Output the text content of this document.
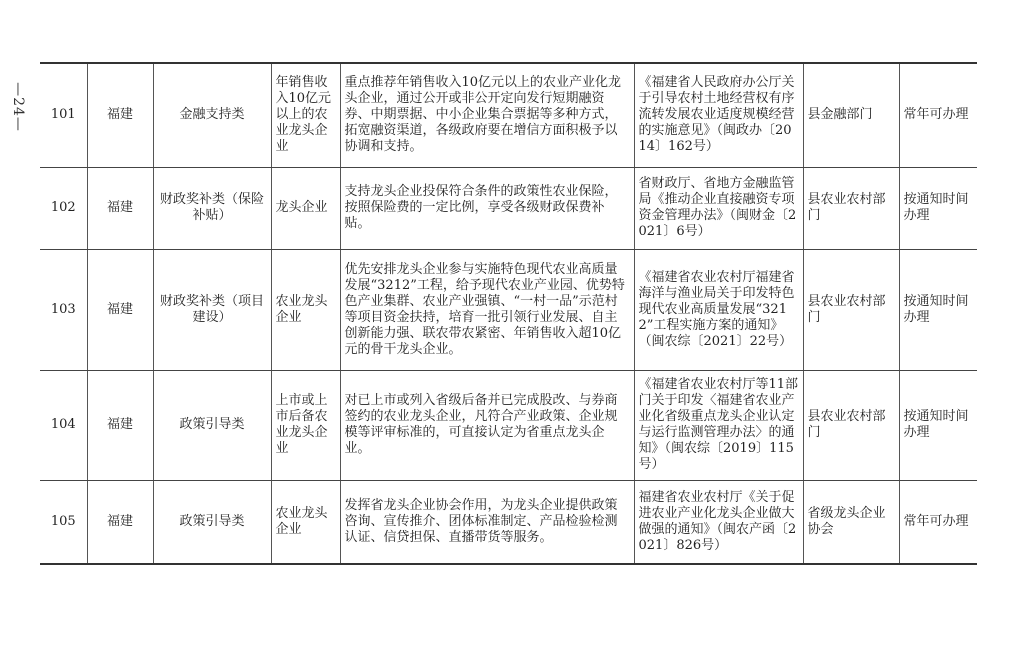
—24— 101	福建	金融支持类	年销售收入10亿元以上的农业龙头企业	重点推荐年销售收入10亿元以上的农业产业化龙头企业，通过公开或非公开定向发行短期融资券、中期票据、中小企业集合票据等多种方式，拓宽融资渠道，各级政府要在增信方面积极予以协调和支持。	《福建省人民政府办公厅关于引导农村土地经营权有序流转发展农业适度规模经营的实施意见》（闽政办〔2014〕162号）	县金融部门	常年可办理
102	福建	财政奖补类（保险补贴）	龙头企业	支持龙头企业投保符合条件的政策性农业保险，按照保险费的一定比例，享受各级财政保费补贴。	省财政厅、省地方金融监管局《推动企业直接融资专项资金管理办法》（闽财金〔2021〕6号）	县农业农村部门	按通知时间办理
103	福建	财政奖补类（项目建设）	农业龙头企业	优先安排龙头企业参与实施特色现代农业高质量发展“3212”工程，给予现代农业产业园、优势特色产业集群、农业产业强镇、“一村一品”示范村等项目资金扶持，培育一批引领行业发展、自主创新能力强、联农带农紧密、年销售收入超10亿元的骨干龙头企业。	《福建省农业农村厅福建省海洋与渔业局关于印发特色现代农业高质量发展“3212”工程实施方案的通知》（闽农综〔2021〕22号）	县农业农村部门	按通知时间办理
104	福建	政策引导类	上市或上市后备农业龙头企业	对已上市或列入省级后备并已完成股改、与券商签约的农业龙头企业，凡符合产业政策、企业规模等评审标准的，可直接认定为省重点龙头企业。	《福建省农业农村厅等11部门关于印发〈福建省农业产业化省级重点龙头企业认定与运行监测管理办法〉的通知》（闽农综〔2019〕115号）	县农业农村部门	按通知时间办理
105	福建	政策引导类	农业龙头企业	发挥省龙头企业协会作用，为龙头企业提供政策咨询、宣传推介、团体标准制定、产品检验检测认证、信贷担保、直播带货等服务。	福建省农业农村厅《关于促进农业产业化龙头企业做大做强的通知》（闽农产函〔2021〕826号）	省级龙头企业协会	常年可办理
